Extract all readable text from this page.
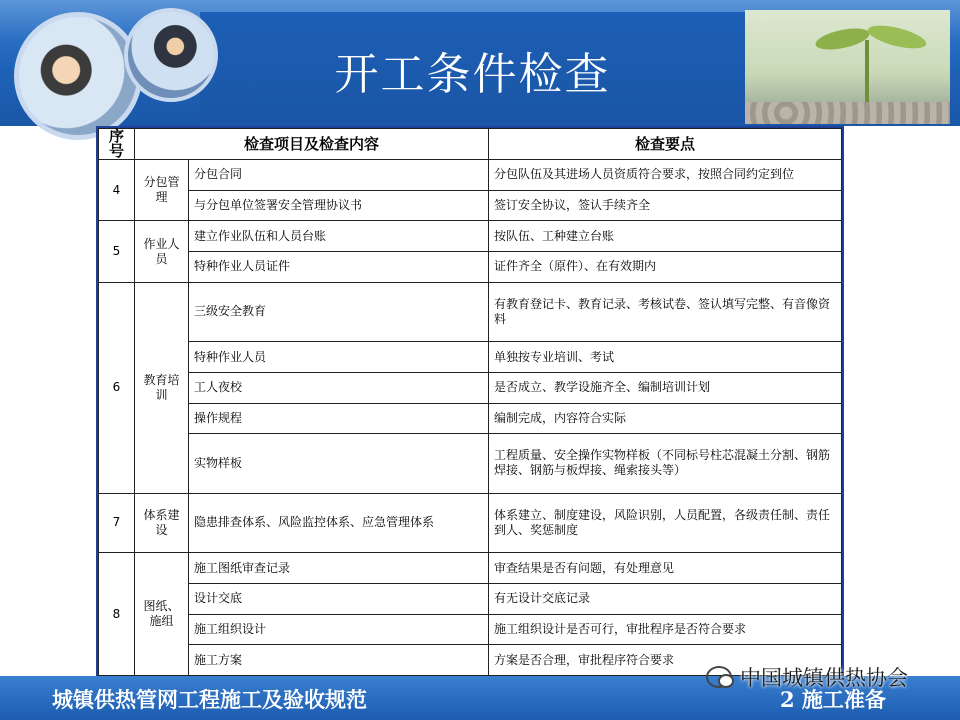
开工条件检查
序号	检查项目及检查内容		检查要点
4	分包管理	分包合同	分包队伍及其进场人员资质符合要求，按照合同约定到位
		与分包单位签署安全管理协议书	签订安全协议，签认手续齐全
5	作业人员	建立作业队伍和人员台账	按队伍、工种建立台账
		特种作业人员证件	证件齐全（原件）、在有效期内
6	教育培训	三级安全教育	有教育登记卡、教育记录、考核试卷、签认填写完整、有音像资料
		特种作业人员	单独按专业培训、考试
		工人夜校	是否成立、教学设施齐全、编制培训计划
		操作规程	编制完成，内容符合实际
		实物样板	工程质量、安全操作实物样板（不同标号柱芯混凝土分割、钢筋焊接、钢筋与板焊接、绳索接头等）
7	体系建设	隐患排查体系、风险监控体系、应急管理体系	体系建立、制度建设，风险识别，人员配置，各级责任制、责任到人、奖惩制度
8	图纸、施组	施工图纸审查记录	审查结果是否有问题，有处理意见
		设计交底	有无设计交底记录
		施工组织设计	施工组织设计是否可行，审批程序是否符合要求
		施工方案	方案是否合理，审批程序符合要求
城镇供热管网工程施工及验收规范	2 施工准备
中国城镇供热协会
